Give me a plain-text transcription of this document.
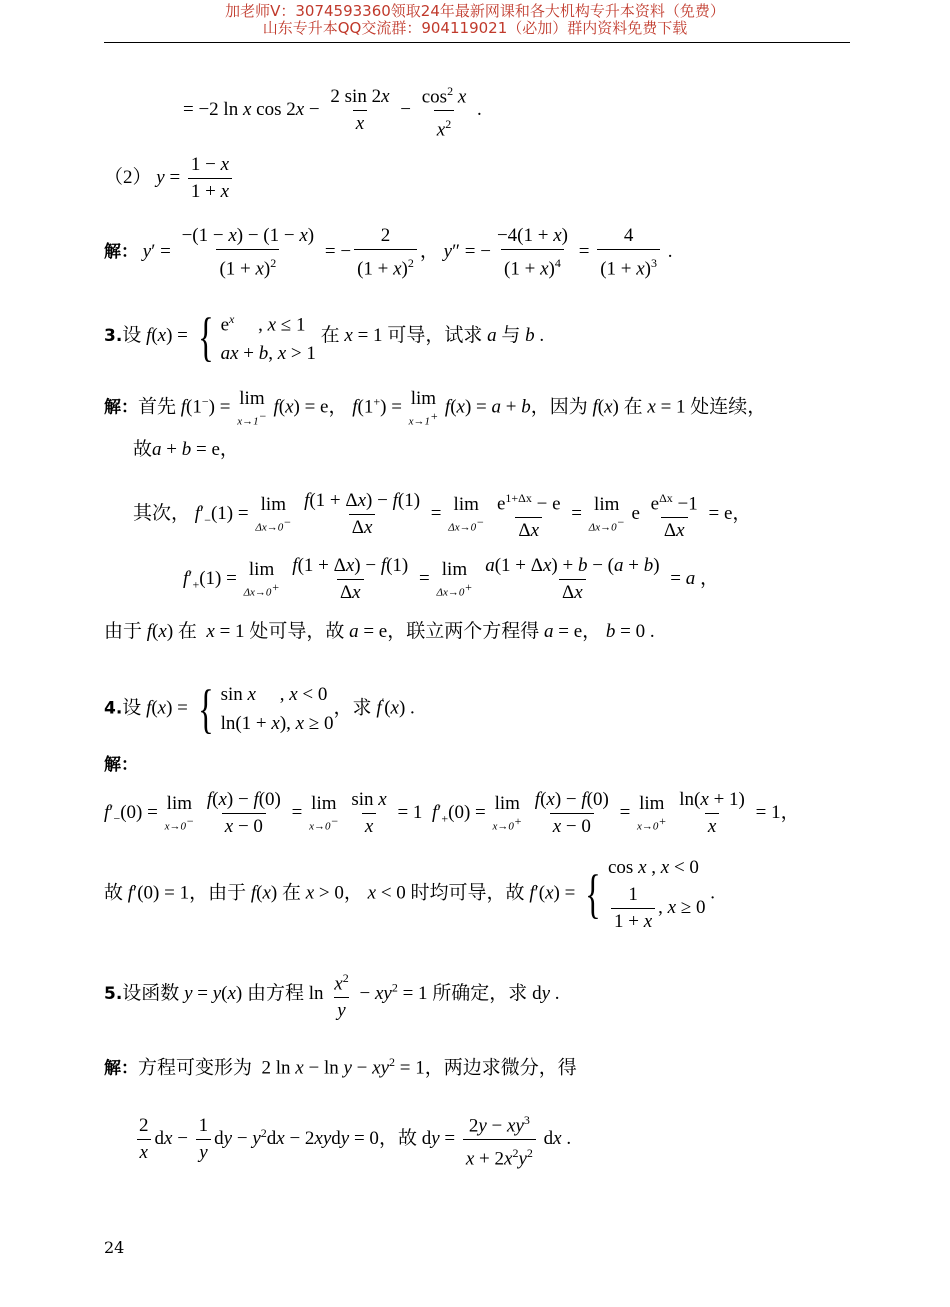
加老师V：3074593360领取24年最新网课和各大机构专升本资料（免费）
山东专升本QQ交流群：904119021（必加）群内资料免费下载
= −2 ln x $\cos 2x - \frac{2 \sin 2x}{x} - \frac{\cos^2 x}{x^2}$ .
（2） $y = \frac{1 - x}{1 + x}$
解： $y' = \frac{-(1 - x) - (1 - x)}{(1 + x)^2}$ = − $\frac{2}{(1 + x)^2}$ ， y″ = − $\frac{-4(1 + x)}{(1 + x)^4} = \frac{4}{(1 + x)^3}$ .
3.设 f(x) = { $e^x$     , x ≤ 1
ax + b, x > 1
在 x = 1 可导，试求 a 与 b .
解：首先 f(1−) = lim
x→1− f(x) = e， f(1+) = lim
x→1+ f(x) = a + b，因为 f(x) 在 x = 1 处连续，
故a + b = e，
其次， $f'_-(1) = \lim$
Δx→0−
$\frac{f(1 + \Delta x) - f(1)}{\Delta x} = \lim$
Δx→0−
$\frac{e^{1+\Delta x} - e}{\Delta x} = \lim$
Δx→0− e $e^{\Delta x} -1$
Δx
= e，
$f'_+(1) = \lim$
Δx→0+
$\frac{f(1 + \Delta x) - f(1)}{\Delta x} = \lim$
Δx→0+
$\frac{a(1 + \Delta x) + b - (a + b)}{\Delta x} = a$ ，
由于 f(x) 在 x = 1 处可导，故 a = e，联立两个方程得 a = e， b = 0 .
4.设 f(x) = { sin x     , x < 0
ln(1 + x), x ≥ 0
，求 f′(x) .
解：
$f'_-(0) = \lim$
x→0−
$\frac{f(x) - f(0)}{x - 0} = \lim$
x→0−
$\frac{\text{sin x}}{x} = 1$  $f'_+(0) = \lim$
x→0+
$\frac{f(x) - f(0)}{x - 0} = \lim$
x→0+
$\frac{\ln(x + 1)}{x} = 1$，
故 f′(0) = 1，由于 f(x) 在 x > 0， x < 0 时均可导，故 f′(x) = { cos x , x < 0
$\frac{1}{1 + x}$ , x ≥ 0
.
5.设函数 y = y(x) 由方程 $\ln \frac{x^2}{y} - xy^2 = 1$ 所确定，求 dy .
解：方程可变形为  2 $\ln x - \ln y - xy^2 = 1$，两边求微分，得
$\frac{2}{x}$ dx − $\frac{1}{y}$ dy − $y^2dx$ − 2xydy = 0，故 dy = $\frac{2y - xy^3}{x + 2x^2y^2}$ dx .
24
